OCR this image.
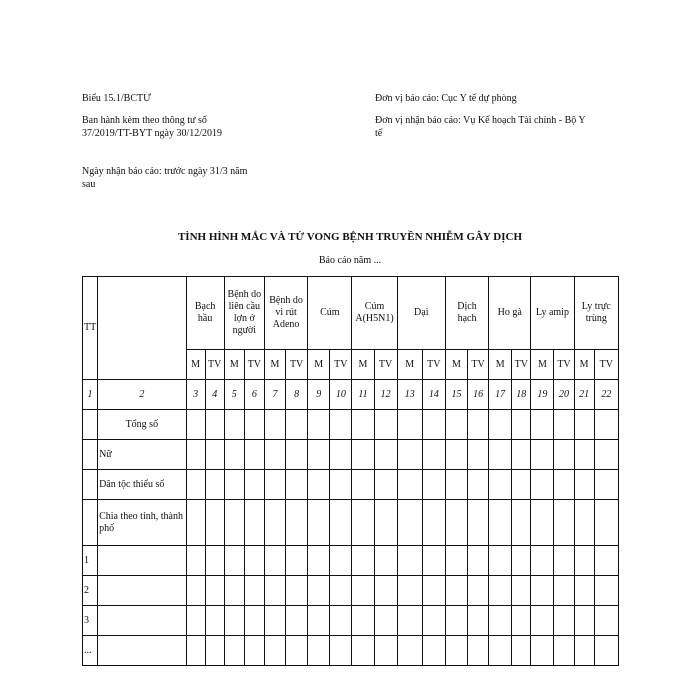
Biểu 15.1/BCTƯ
Ban hành kèm theo thông tư số 37/2019/TT-BYT ngày 30/12/2019
Ngày nhận báo cáo: trước ngày 31/3 năm sau
Đơn vị báo cáo: Cục Y tế dự phòng
Đơn vị nhận báo cáo: Vụ Kế hoạch Tài chính - Bộ Y tế
TÌNH HÌNH MẮC VÀ TỬ VONG BỆNH TRUYỀN NHIỄM GÂY DỊCH
Báo cáo năm ...
TT		Bạch hầu		Bệnh do liên cầu lợn ở người		Bệnh do vi rút Adeno		Cúm		Cúm A(H5N1)		Dại		Dịch hạch		Ho gà		Ly amip		Ly trực trùng	
		M	TV	M	TV	M	TV	M	TV	M	TV	M	TV	M	TV	M	TV	M	TV	M	TV
1	2	3	4	5	6	7	8	9	10	11	12	13	14	15	16	17	18	19	20	21	22
	Tổng số																				
	Nữ																				
	Dân tộc thiểu số																				
	Chia theo tỉnh, thành phố																				
1																					
2																					
3																					
...																					
